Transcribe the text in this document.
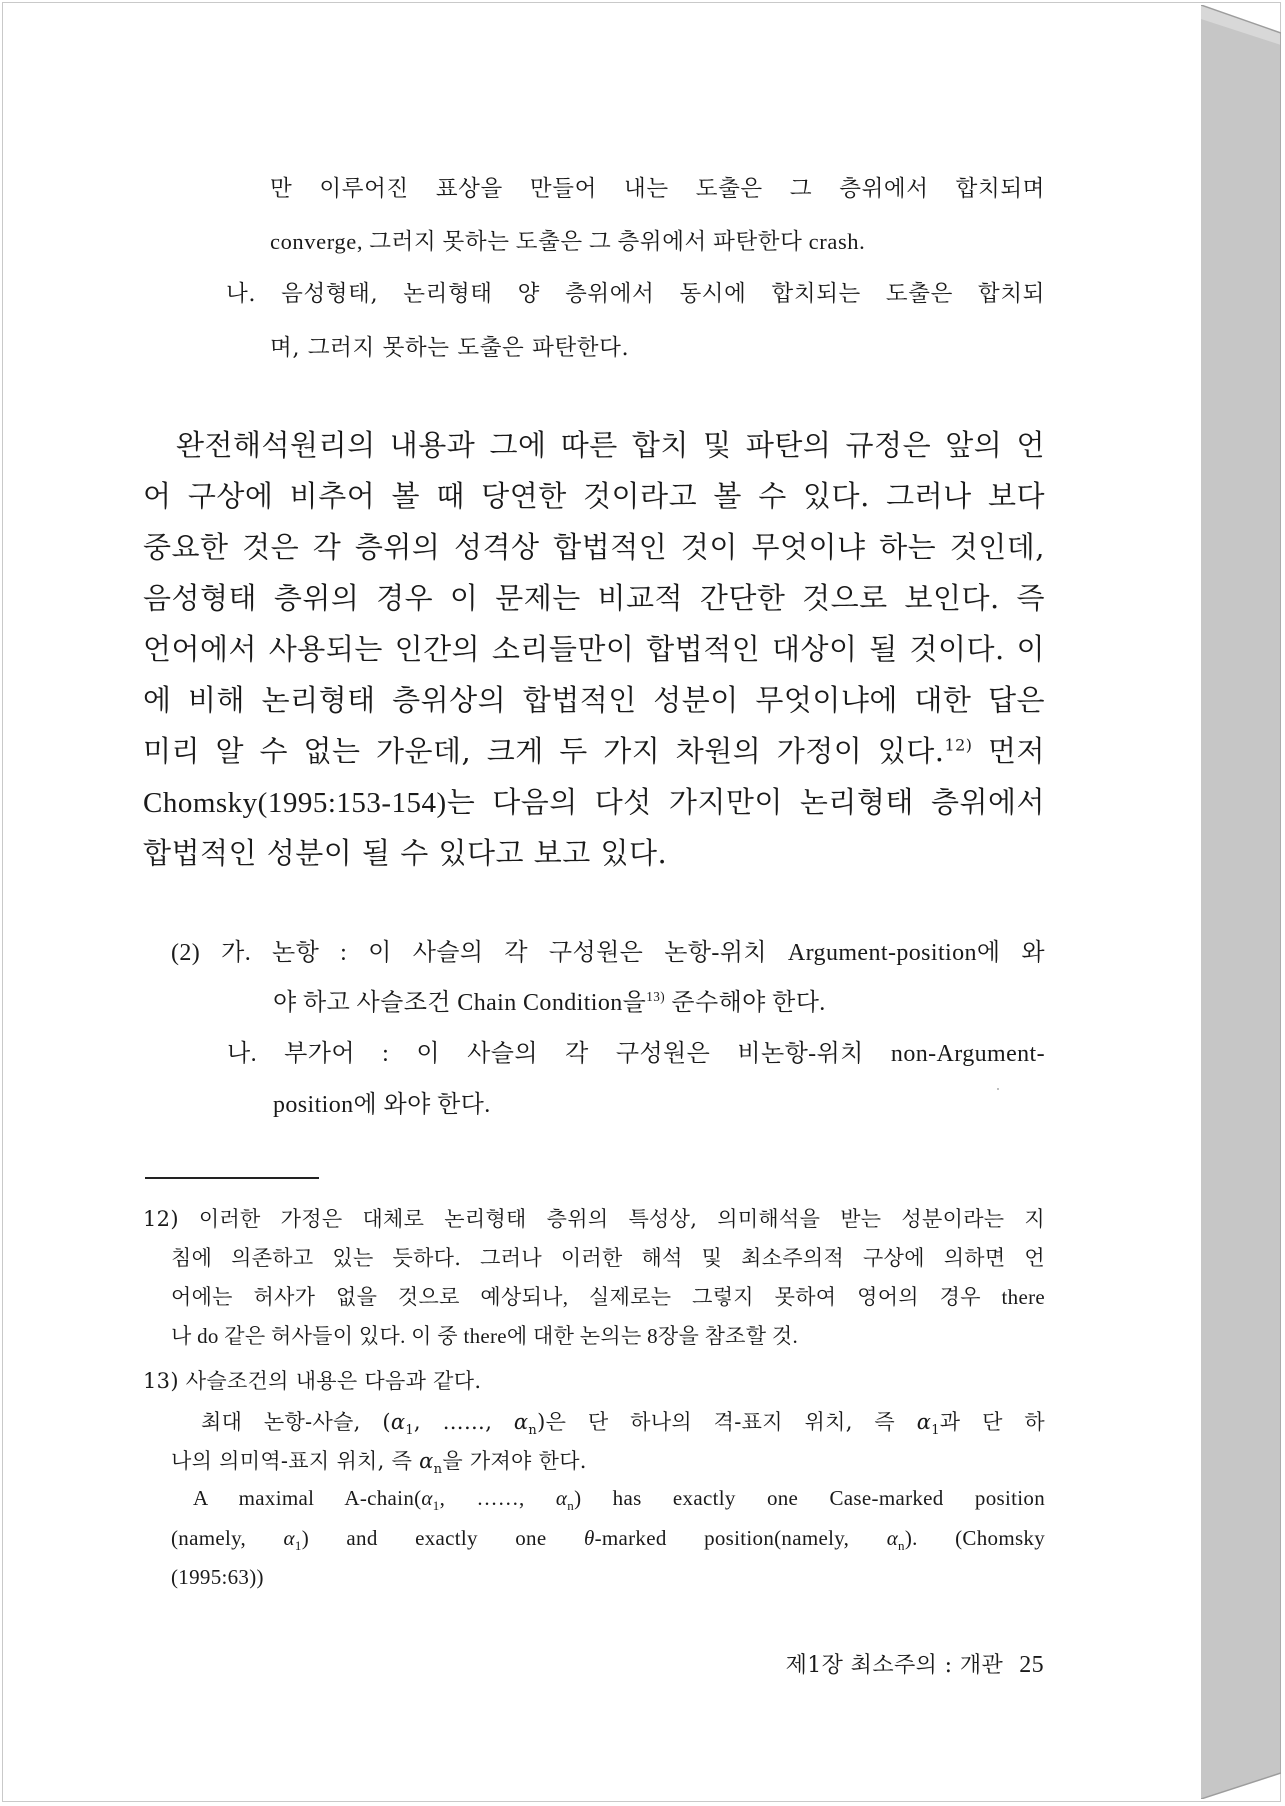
만 이루어진 표상을 만들어 내는 도출은 그 층위에서 합치되며
converge, 그러지 못하는 도출은 그 층위에서 파탄한다 crash.
나. 음성형태, 논리형태 양 층위에서 동시에 합치되는 도출은 합치되
며, 그러지 못하는 도출은 파탄한다.
완전해석원리의 내용과 그에 따른 합치 및 파탄의 규정은 앞의 언
어 구상에 비추어 볼 때 당연한 것이라고 볼 수 있다. 그러나 보다
중요한 것은 각 층위의 성격상 합법적인 것이 무엇이냐 하는 것인데,
음성형태 층위의 경우 이 문제는 비교적 간단한 것으로 보인다. 즉
언어에서 사용되는 인간의 소리들만이 합법적인 대상이 될 것이다. 이
에 비해 논리형태 층위상의 합법적인 성분이 무엇이냐에 대한 답은
미리 알 수 없는 가운데, 크게 두 가지 차원의 가정이 있다.$^{12)}$ 먼저
Chomsky(1995:153-154)는 다음의 다섯 가지만이 논리형태 층위에서
합법적인 성분이 될 수 있다고 보고 있다.
(2) 가. 논항 : 이 사슬의 각 구성원은 논항-위치 Argument-position에 와
야 하고 사슬조건 Chain Condition을$^{13)}$ 준수해야 한다.
나. 부가어 : 이 사슬의 각 구성원은 비논항-위치 non-Argument-
position에 와야 한다.
12) 이러한 가정은 대체로 논리형태 층위의 특성상, 의미해석을 받는 성분이라는 지
침에 의존하고 있는 듯하다. 그러나 이러한 해석 및 최소주의적 구상에 의하면 언
어에는 허사가 없을 것으로 예상되나, 실제로는 그렇지 못하여 영어의 경우 there
나 do 같은 허사들이 있다. 이 중 there에 대한 논의는 8장을 참조할 것.
13) 사슬조건의 내용은 다음과 같다.
최대 논항-사슬, ($\alpha_1$, ……, $\alpha_n$)은 단 하나의 격-표지 위치, 즉 $\alpha_1$과 단 하
나의 의미역-표지 위치, 즉 $\alpha_n$을 가져야 한다.
A maximal $A-chain(\alpha_1$, ……, $\alpha_n$) has exactly one Case-marked position
(namely, $\alpha_1$) and exactly one θ-marked position(namely, $\alpha_n$). (Chomsky
(1995:63))
제1장 최소주의 : 개관 25
